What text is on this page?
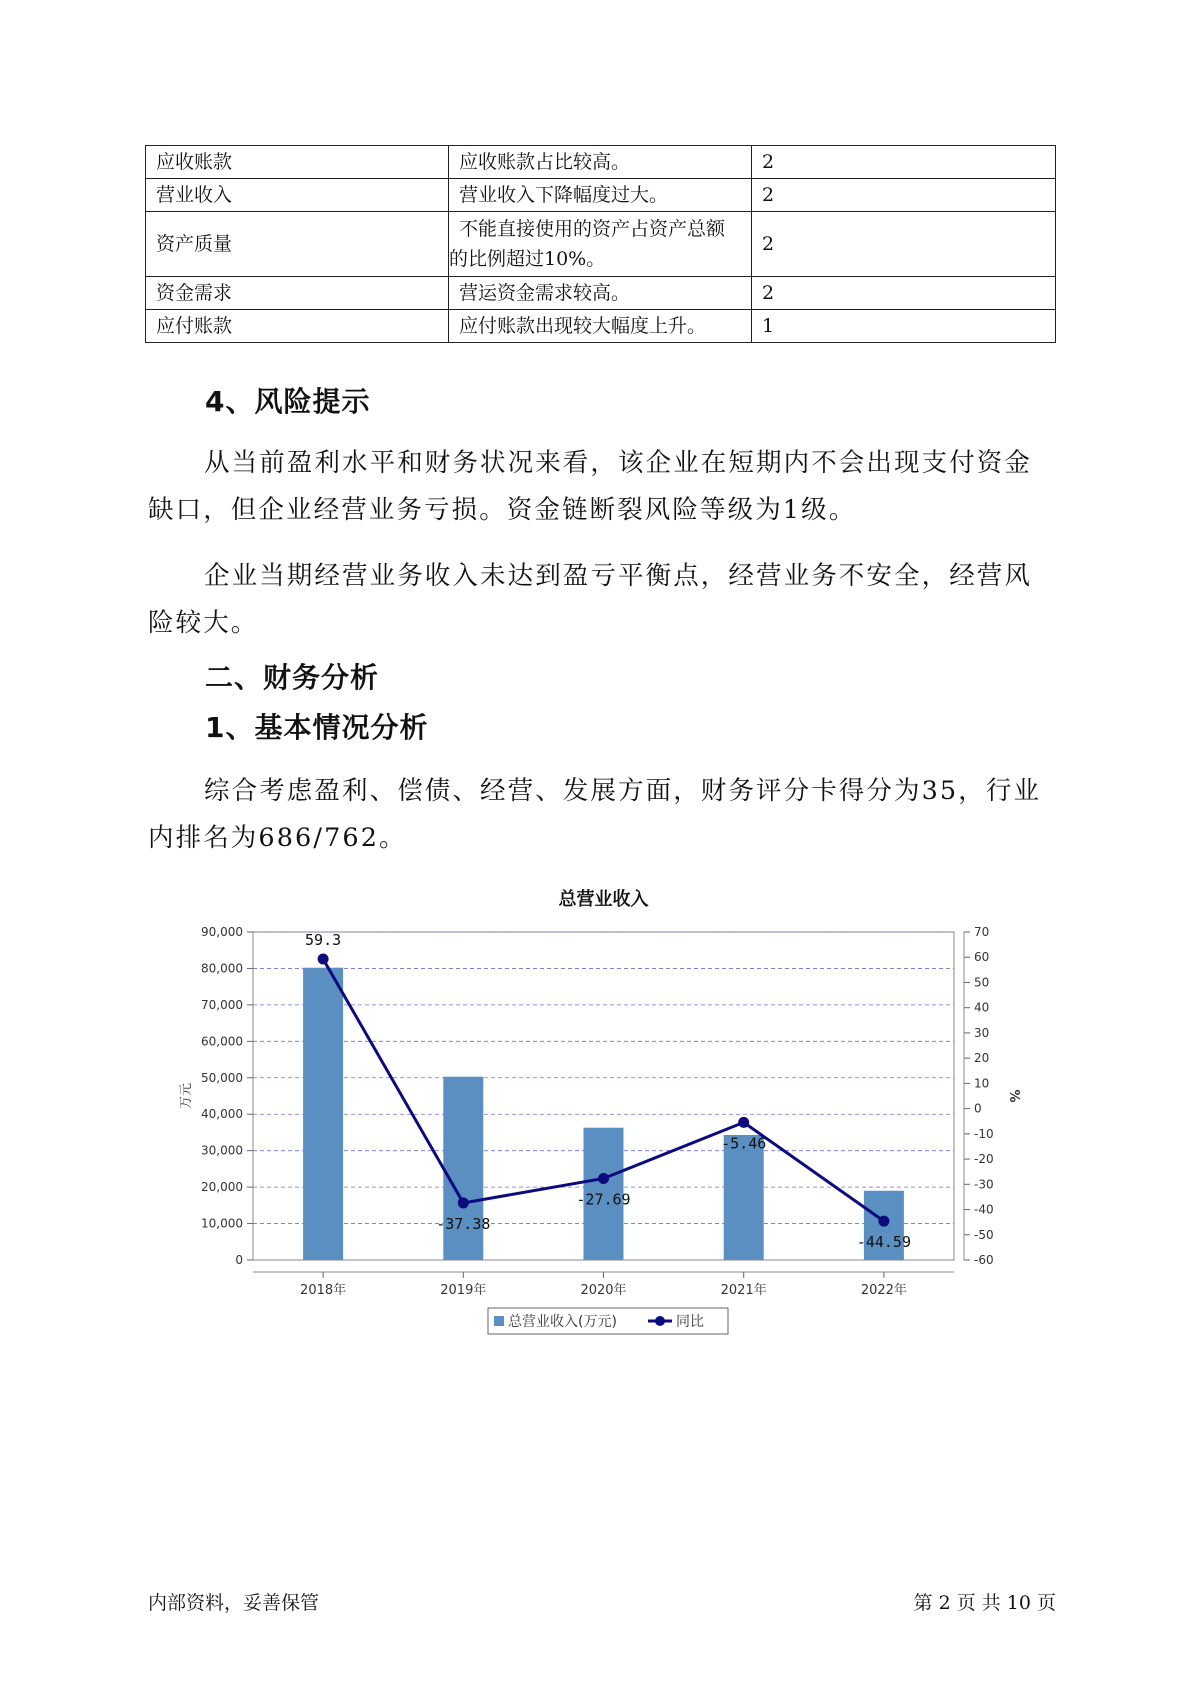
应收账款	应收账款占比较高。	2
营业收入	营业收入下降幅度过大。	2
资产质量	不能直接使用的资产占资产总额的比例超过10%。	2
资金需求	营运资金需求较高。	2
应付账款	应付账款出现较大幅度上升。	1
4、风险提示

从当前盈利水平和财务状况来看，该企业在短期内不会出现支付资金缺口，但企业经营业务亏损。资金链断裂风险等级为1级。

企业当期经营业务收入未达到盈亏平衡点，经营业务不安全，经营风险较大。

二、财务分析
1、基本情况分析

综合考虑盈利、偿债、经营、发展方面，财务评分卡得分为35，行业内排名为686/762。

总营业收入
0
10,000
20,000
30,000
40,000
50,000
60,000
70,000
80,000
90,000
-60
-50
-40
-30
-20
-10
0
10
20
30
40
50
60
70
万元	%
2018年	2019年	2020年	2021年	2022年
59.3
-37.38
-27.69
-5.46
-44.59
总营业收入(万元)	同比
内部资料，妥善保管	第 2 页 共 10 页
